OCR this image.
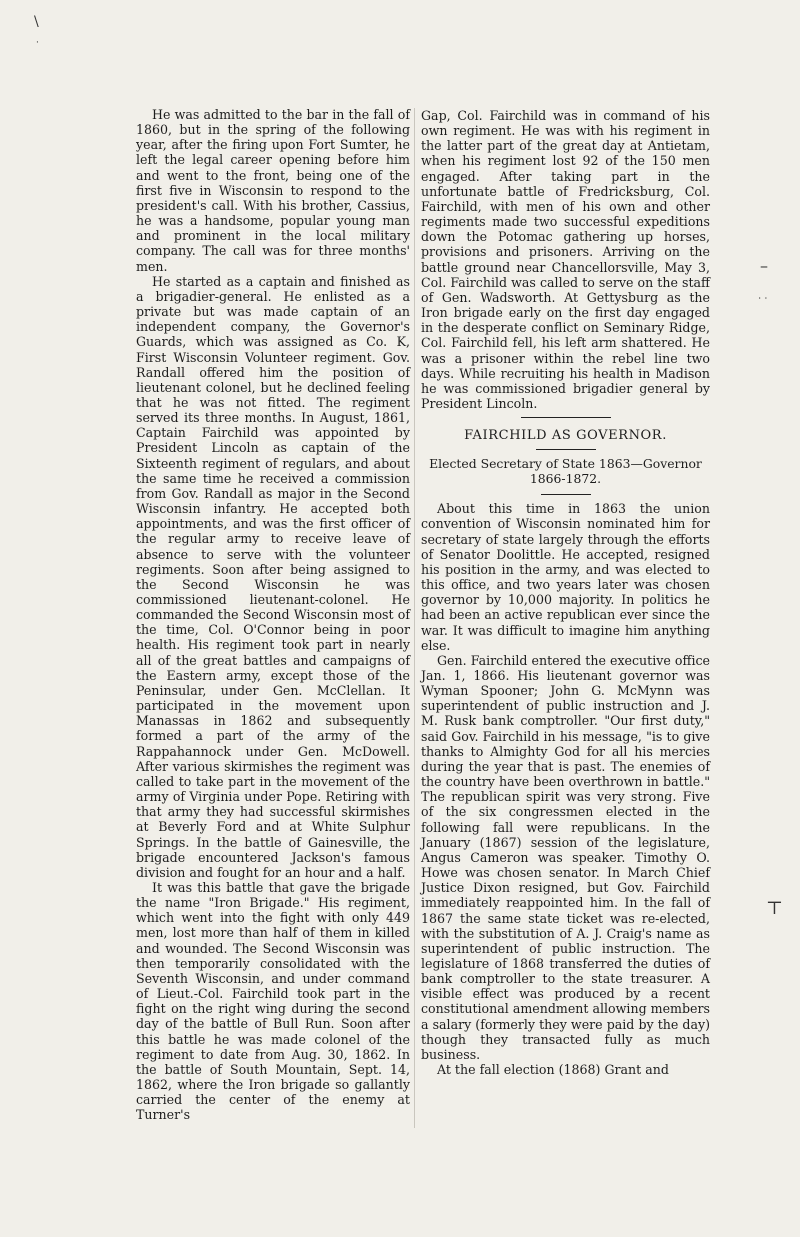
\
·
–
ᐧ ᐧ
⊤

He was admitted to the bar in the fall of 1860, but in the spring of the following year, after the firing upon Fort Sumter, he left the legal career opening before him and went to the front, being one of the first five in Wisconsin to respond to the president's call. With his brother, Cassius, he was a handsome, popular young man and prominent in the local military company. The call was for three months' men.

He started as a captain and finished as a brigadier-general. He enlisted as a private but was made captain of an independent company, the Governor's Guards, which was assigned as Co. K, First Wisconsin Volunteer regiment. Gov. Randall offered him the position of lieutenant colonel, but he declined feeling that he was not fitted. The regiment served its three months. In August, 1861, Captain Fairchild was appointed by President Lincoln as captain of the Sixteenth regiment of regulars, and about the same time he received a commission from Gov. Randall as major in the Second Wisconsin infantry. He accepted both appointments, and was the first officer of the regular army to receive leave of absence to serve with the volunteer regiments. Soon after being assigned to the Second Wisconsin he was commissioned lieutenant-colonel. He commanded the Second Wisconsin most of the time, Col. O'Connor being in poor health. His regiment took part in nearly all of the great battles and campaigns of the Eastern army, except those of the Peninsular, under Gen. McClellan. It participated in the movement upon Manassas in 1862 and subsequently formed a part of the army of the Rappahannock under Gen. McDowell. After various skirmishes the regiment was called to take part in the movement of the army of Virginia under Pope. Retiring with that army they had successful skirmishes at Beverly Ford and at White Sulphur Springs. In the battle of Gainesville, the brigade encountered Jackson's famous division and fought for an hour and a half.

It was this battle that gave the brigade the name "Iron Brigade." His regiment, which went into the fight with only 449 men, lost more than half of them in killed and wounded. The Second Wisconsin was then temporarily consolidated with the Seventh Wisconsin, and under command of Lieut.-Col. Fairchild took part in the fight on the right wing during the second day of the battle of Bull Run. Soon after this battle he was made colonel of the regiment to date from Aug. 30, 1862. In the battle of South Mountain, Sept. 14, 1862, where the Iron brigade so gallantly carried the center of the enemy at Turner's

Gap, Col. Fairchild was in command of his own regiment. He was with his regiment in the latter part of the great day at Antietam, when his regiment lost 92 of the 150 men engaged. After taking part in the unfortunate battle of Fredricksburg, Col. Fairchild, with men of his own and other regiments made two successful expeditions down the Potomac gathering up horses, provisions and prisoners. Arriving on the battle ground near Chancellorsville, May 3, Col. Fairchild was called to serve on the staff of Gen. Wadsworth. At Gettysburg as the Iron brigade early on the first day engaged in the desperate conflict on Seminary Ridge, Col. Fairchild fell, his left arm shattered. He was a prisoner within the rebel line two days. While recruiting his health in Madison he was commissioned brigadier general by President Lincoln.

FAIRCHILD AS GOVERNOR.
Elected Secretary of State 1863—Governor 1866-1872.

About this time in 1863 the union convention of Wisconsin nominated him for secretary of state largely through the efforts of Senator Doolittle. He accepted, resigned his position in the army, and was elected to this office, and two years later was chosen governor by 10,000 majority. In politics he had been an active republican ever since the war. It was difficult to imagine him anything else.

Gen. Fairchild entered the executive office Jan. 1, 1866. His lieutenant governor was Wyman Spooner; John G. McMynn was superintendent of public instruction and J. M. Rusk bank comptroller. "Our first duty," said Gov. Fairchild in his message, "is to give thanks to Almighty God for all his mercies during the year that is past. The enemies of the country have been overthrown in battle." The republican spirit was very strong. Five of the six congressmen elected in the following fall were republicans. In the January (1867) session of the legislature, Angus Cameron was speaker. Timothy O. Howe was chosen senator. In March Chief Justice Dixon resigned, but Gov. Fairchild immediately reappointed him. In the fall of 1867 the same state ticket was re-elected, with the substitution of A. J. Craig's name as superintendent of public instruction. The legislature of 1868 transferred the duties of bank comptroller to the state treasurer. A visible effect was produced by a recent constitutional amendment allowing members a salary (formerly they were paid by the day) though they transacted fully as much business.

At the fall election (1868) Grant and
